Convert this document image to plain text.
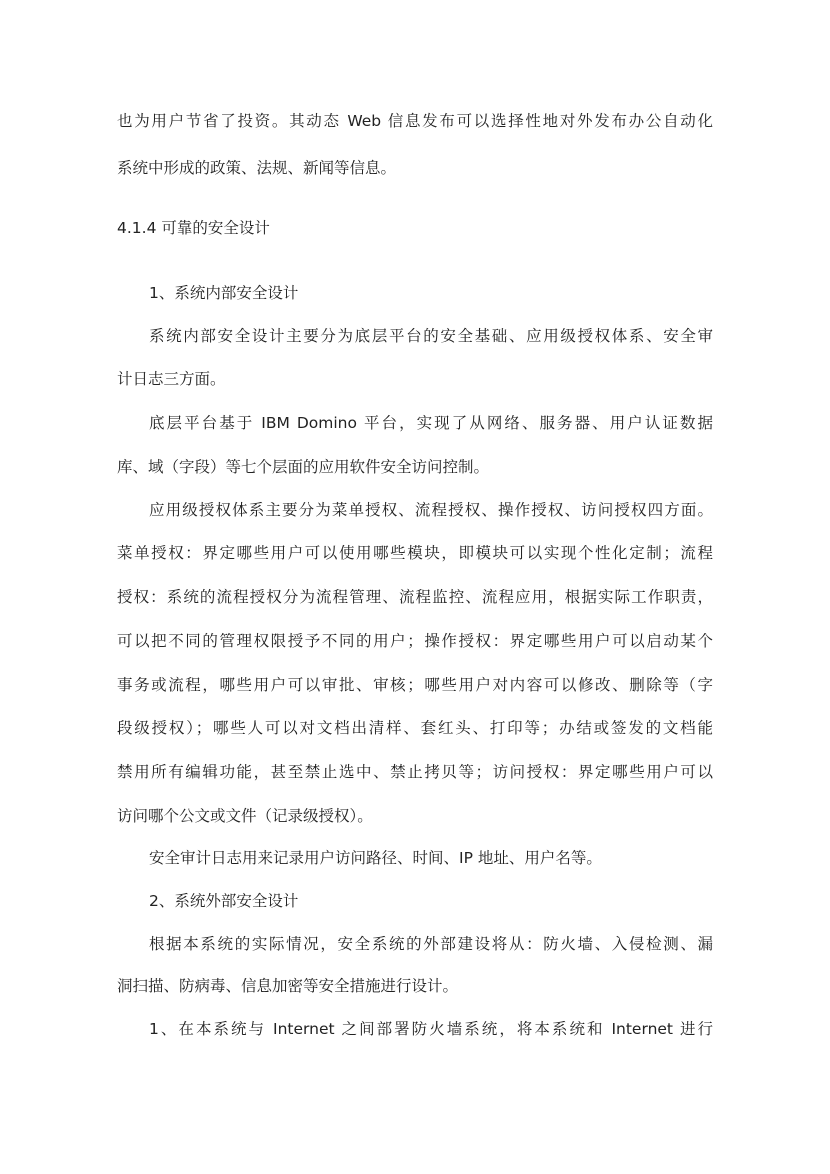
也为用户节省了投资。其动态 Web 信息发布可以选择性地对外发布办公自动化
系统中形成的政策、法规、新闻等信息。
4.1.4 可靠的安全设计
1、系统内部安全设计
系统内部安全设计主要分为底层平台的安全基础、应用级授权体系、安全审
计日志三方面。
底层平台基于 IBM Domino 平台，实现了从网络、服务器、用户认证数据
库、域（字段）等七个层面的应用软件安全访问控制。
应用级授权体系主要分为菜单授权、流程授权、操作授权、访问授权四方面。
菜单授权：界定哪些用户可以使用哪些模块，即模块可以实现个性化定制；流程
授权：系统的流程授权分为流程管理、流程监控、流程应用，根据实际工作职责，
可以把不同的管理权限授予不同的用户；操作授权：界定哪些用户可以启动某个
事务或流程，哪些用户可以审批、审核；哪些用户对内容可以修改、删除等（字
段级授权）；哪些人可以对文档出清样、套红头、打印等；办结或签发的文档能
禁用所有编辑功能，甚至禁止选中、禁止拷贝等；访问授权：界定哪些用户可以
访问哪个公文或文件（记录级授权）。
安全审计日志用来记录用户访问路径、时间、IP 地址、用户名等。
2、系统外部安全设计
根据本系统的实际情况，安全系统的外部建设将从：防火墙、入侵检测、漏
洞扫描、防病毒、信息加密等安全措施进行设计。
1、在本系统与 Internet 之间部署防火墙系统，将本系统和 Internet 进行
